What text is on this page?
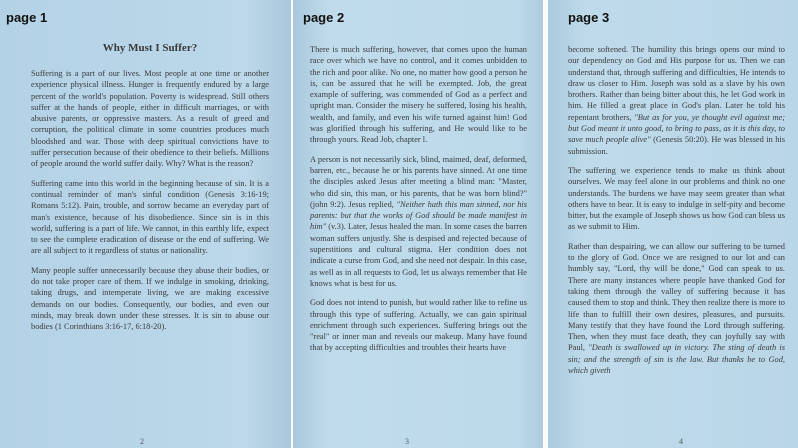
page 1
Why Must I Suffer?

Suffering is a part of our lives. Most people at one time or another experience physical illness. Hunger is frequently endured by a large percent of the world's population. Poverty is widespread. Still others suffer at the hands of people, either in difficult marriages, or with abusive parents, or oppressive masters. As a result of greed and corruption, the political climate in some countries produces much bloodshed and war. Those with deep spiritual convictions have to suffer persecution because of their obedience to their beliefs. Millions of people around the world suffer daily. Why? What is the reason?

Suffering came into this world in the beginning because of sin. It is a continual reminder of man's sinful condition (Genesis 3:16-19; Romans 5:12). Pain, trouble, and sorrow became an everyday part of man's existence, because of his disobedience. Since sin is in this world, suffering is a part of life. We cannot, in this earthly life, expect to see the complete eradication of disease or the end of suffering. We are all subject to it regardless of status or nationality.

Many people suffer unnecessarily because they abuse their bodies, or do not take proper care of them. If we indulge in smoking, drinking, taking drugs, and intemperate living, we are making excessive demands on our bodies. Consequently, our bodies, and even our minds, may break down under these stresses. It is sin to abuse our bodies (1 Corinthians 3:16-17, 6:18-20).

2
page 2

There is much suffering, however, that comes upon the human race over which we have no control, and it comes unbidden to the rich and poor alike. No one, no matter how good a person he is, can be assured that he will be exempted. Job, the great example of suffering, was commended of God as a perfect and upright man. Consider the misery he suffered, losing his health, wealth, and family, and even his wife turned against him! God was glorified through his suffering, and He would like to be through yours. Read Job, chapter l.

A person is not necessarily sick, blind, maimed, deaf, deformed, barren, etc., because he or his parents have sinned. At one time the disciples asked Jesus after meeting a blind man: "Master, who did sin, this man, or his parents, that he was born blind?" (john 9:2). Jesus replied, "Neither hath this man sinned, nor his parents: but that the works of God should be made manifest in him" (v.3). Later, Jesus healed the man. In some cases the barren woman suffers unjustly. She is despised and rejected because of superstitions and cultural stigma. Her condition does not indicate a curse from God, and she need not despair. In this case, as well as in all requests to God, let us always remember that He knows what is best for us.

God does not intend to punish, but would rather like to refine us through this type of suffering. Actually, we can gain spiritual enrichment through such experiences. Suffering brings out the "real" or inner man and reveals our makeup. Many have found that by accepting difficulties and troubles their hearts have

3
page 3

become softened. The humility this brings opens our mind to our dependency on God and His purpose for us. Then we can understand that, through suffering and difficulties, He intends to draw us closer to Him. Joseph was sold as a slave by his own brothers. Rather than being bitter about this, he let God work in him. He filled a great place in God's plan. Later he told his repentant brothers, "But as for you, ye thought evil against me; but God meant it unto good, to bring to pass, as it is this day, to save much people alive" (Genesis 50:20). He was blessed in his submission.

The suffering we experience tends to make us think about ourselves. We may feel alone in our problems and think no one understands. The burdens we have may seem greater than what others have to bear. It is easy to indulge in self-pity and become bitter, but the example of Joseph shows us how God can bless us as we submit to Him.

Rather than despairing, we can allow our suffering to be turned to the glory of God. Once we are resigned to our lot and can humbly say, "Lord, thy will be done," God can speak to us. There are many instances where people have thanked God for taking them through the valley of suffering because it has caused them to stop and think. They then realize there is more to life than to fulfill their own desires, pleasures, and pursuits. Many testify that they have found the Lord through suffering. Then, when they must face death, they can joyfully say with Paul, "Death is swallowed up in victory. The sting of death is sin; and the strength of sin is the law. But thanks be to God, which giveth

4
